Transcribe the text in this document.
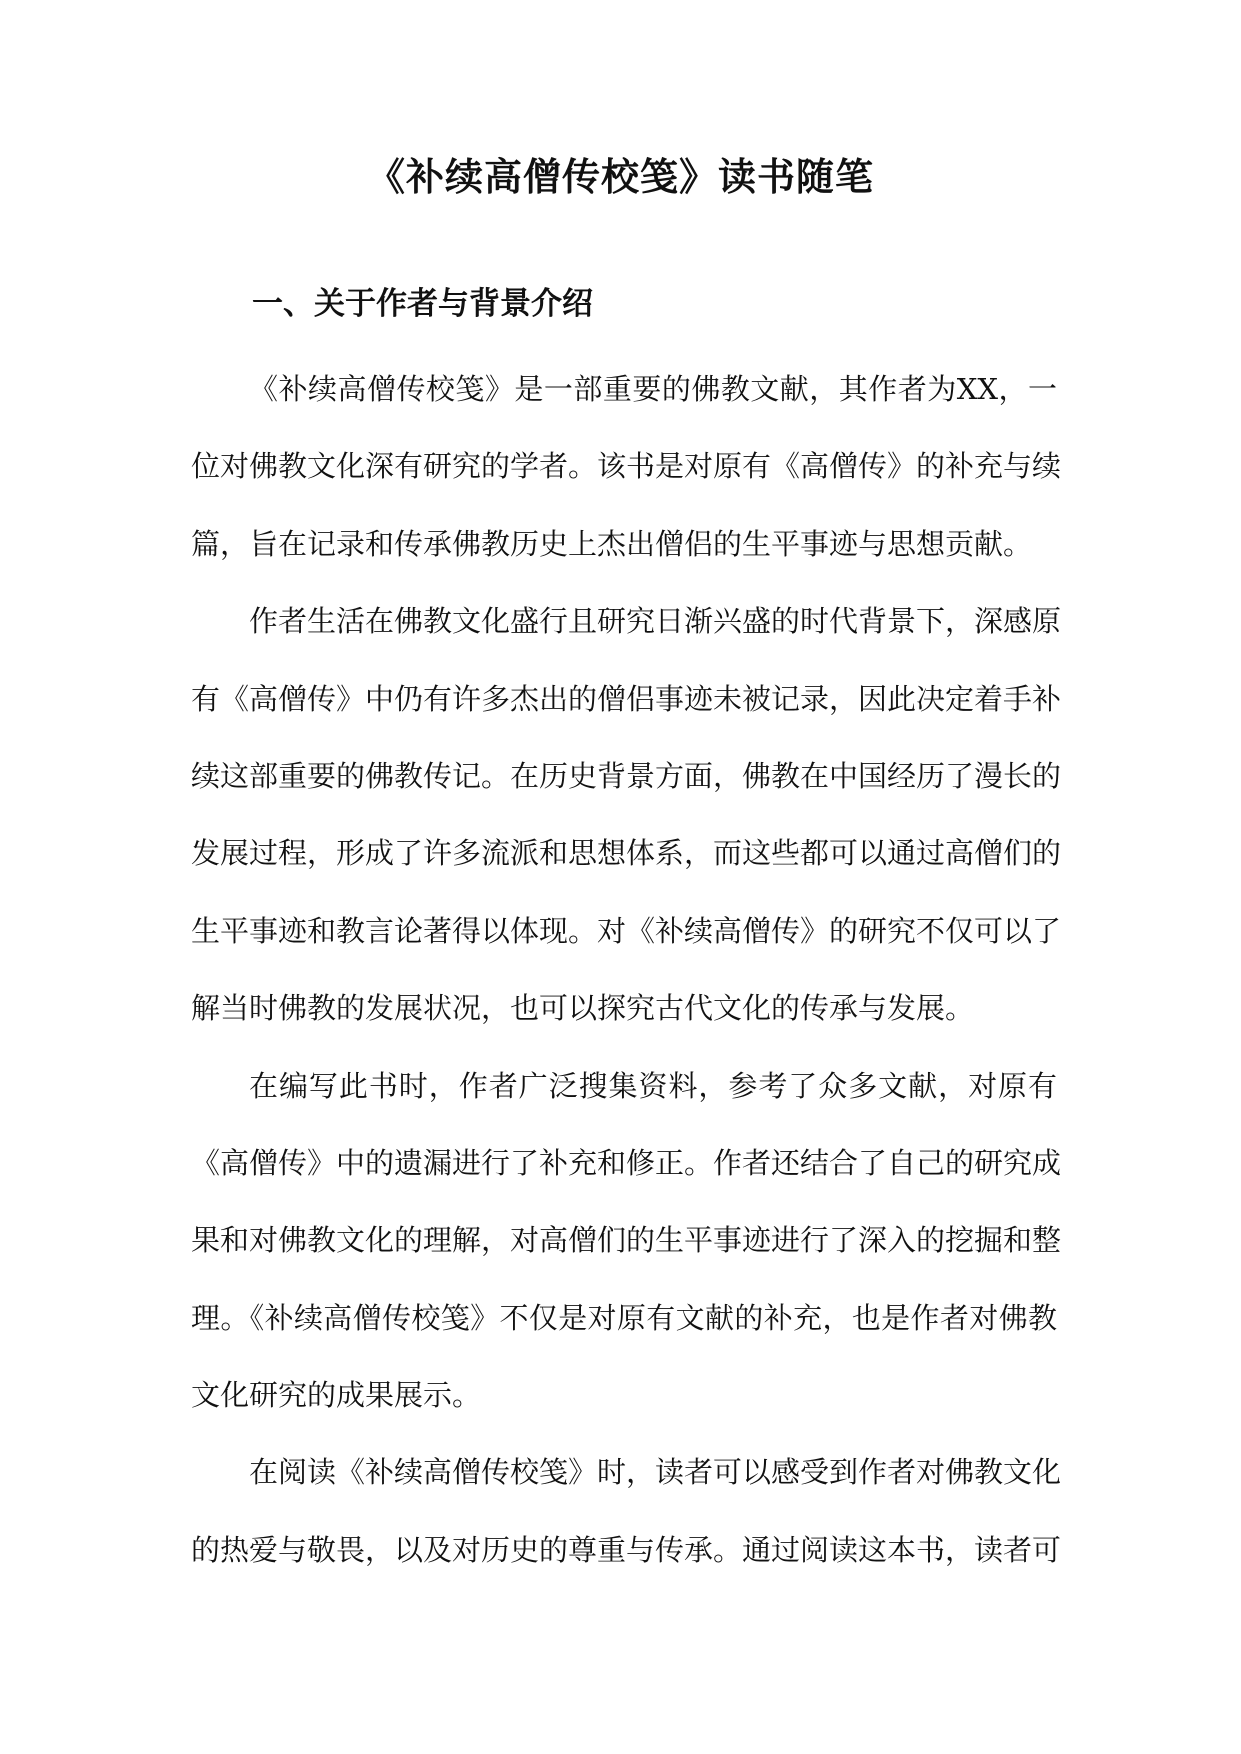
《补续高僧传校笺》读书随笔
一、关于作者与背景介绍
《补续高僧传校笺》是一部重要的佛教文献，其作者为XX，一
位对佛教文化深有研究的学者。该书是对原有《高僧传》的补充与续
篇，旨在记录和传承佛教历史上杰出僧侣的生平事迹与思想贡献。
作者生活在佛教文化盛行且研究日渐兴盛的时代背景下，深感原
有《高僧传》中仍有许多杰出的僧侣事迹未被记录，因此决定着手补
续这部重要的佛教传记。在历史背景方面，佛教在中国经历了漫长的
发展过程，形成了许多流派和思想体系，而这些都可以通过高僧们的
生平事迹和教言论著得以体现。对《补续高僧传》的研究不仅可以了
解当时佛教的发展状况，也可以探究古代文化的传承与发展。
在编写此书时，作者广泛搜集资料，参考了众多文献，对原有
《高僧传》中的遗漏进行了补充和修正。作者还结合了自己的研究成
果和对佛教文化的理解，对高僧们的生平事迹进行了深入的挖掘和整
理。《补续高僧传校笺》不仅是对原有文献的补充，也是作者对佛教
文化研究的成果展示。
在阅读《补续高僧传校笺》时，读者可以感受到作者对佛教文化
的热爱与敬畏，以及对历史的尊重与传承。通过阅读这本书，读者可
